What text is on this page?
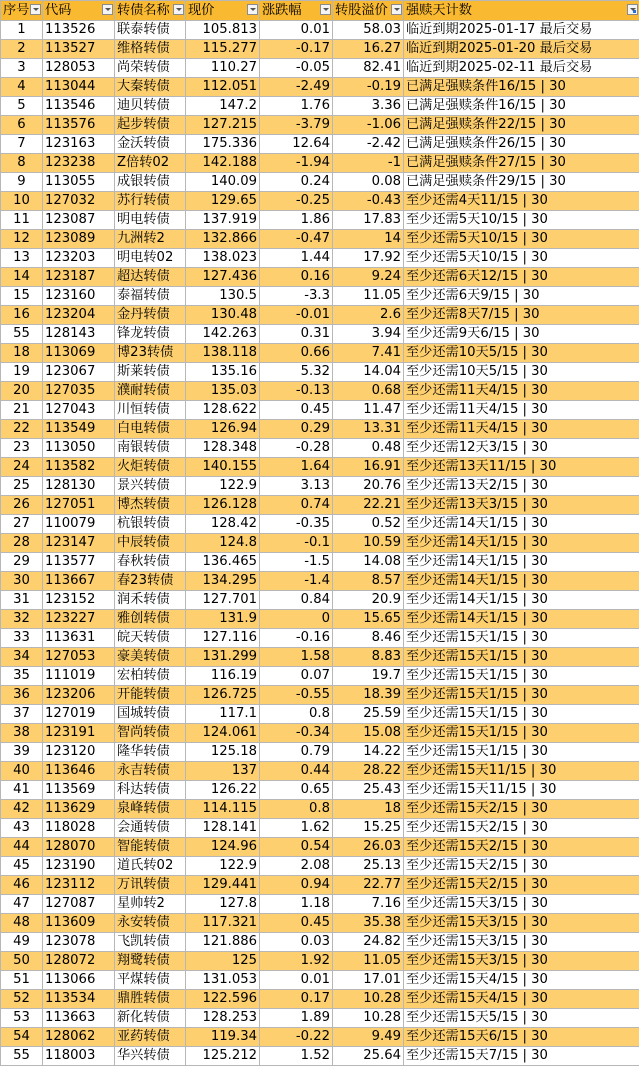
序号	代码	转债名称	现价	涨跌幅	转股溢价	强赎天计数

1	113526	联泰转债	105.813	0.01	58.03	临近到期2025-01-17 最后交易
2	113527	维格转债	115.277	-0.17	16.27	临近到期2025-01-20 最后交易
3	128053	尚荣转债	110.27	-0.05	82.41	临近到期2025-02-11 最后交易
4	113044	大秦转债	112.051	-2.49	-0.19	已满足强赎条件16/15 | 30
5	113546	迪贝转债	147.2	1.76	3.36	已满足强赎条件16/15 | 30
6	113576	起步转债	127.215	-3.79	-1.06	已满足强赎条件22/15 | 30
7	123163	金沃转债	175.336	12.64	-2.42	已满足强赎条件26/15 | 30
8	123238	Z倍转02	142.188	-1.94	-1	已满足强赎条件27/15 | 30
9	113055	成银转债	140.09	0.24	0.08	已满足强赎条件29/15 | 30
10	127032	苏行转债	129.65	-0.25	-0.43	至少还需4天11/15 | 30
11	123087	明电转债	137.919	1.86	17.83	至少还需5天10/15 | 30
12	123089	九洲转2	132.866	-0.47	14	至少还需5天10/15 | 30
13	123203	明电转02	138.023	1.44	17.92	至少还需5天10/15 | 30
14	123187	超达转债	127.436	0.16	9.24	至少还需6天12/15 | 30
15	123160	泰福转债	130.5	-3.3	11.05	至少还需6天9/15 | 30
16	123204	金丹转债	130.48	-0.01	2.6	至少还需8天7/15 | 30
55	128143	锋龙转债	142.263	0.31	3.94	至少还需9天6/15 | 30
18	113069	博23转债	138.118	0.66	7.41	至少还需10天5/15 | 30
19	123067	斯莱转债	135.16	5.32	14.04	至少还需10天5/15 | 30
20	127035	濮耐转债	135.03	-0.13	0.68	至少还需11天4/15 | 30
21	127043	川恒转债	128.622	0.45	11.47	至少还需11天4/15 | 30
22	113549	白电转债	126.94	0.29	13.31	至少还需11天4/15 | 30
23	113050	南银转债	128.348	-0.28	0.48	至少还需12天3/15 | 30
24	113582	火炬转债	140.155	1.64	16.91	至少还需13天11/15 | 30
25	128130	景兴转债	122.9	3.13	20.76	至少还需13天2/15 | 30
26	127051	博杰转债	126.128	0.74	22.21	至少还需13天3/15 | 30
27	110079	杭银转债	128.42	-0.35	0.52	至少还需14天1/15 | 30
28	123147	中辰转债	124.8	-0.1	10.59	至少还需14天1/15 | 30
29	113577	春秋转债	136.465	-1.5	14.08	至少还需14天1/15 | 30
30	113667	春23转债	134.295	-1.4	8.57	至少还需14天1/15 | 30
31	123152	润禾转债	127.701	0.84	20.9	至少还需14天1/15 | 30
32	123227	雅创转债	131.9	0	15.65	至少还需14天1/15 | 30
33	113631	皖天转债	127.116	-0.16	8.46	至少还需15天1/15 | 30
34	127053	豪美转债	131.299	1.58	8.83	至少还需15天1/15 | 30
35	111019	宏柏转债	116.19	0.07	19.7	至少还需15天1/15 | 30
36	123206	开能转债	126.725	-0.55	18.39	至少还需15天1/15 | 30
37	127019	国城转债	117.1	0.8	25.59	至少还需15天1/15 | 30
38	123191	智尚转债	124.061	-0.34	15.08	至少还需15天1/15 | 30
39	123120	隆华转债	125.18	0.79	14.22	至少还需15天1/15 | 30
40	113646	永吉转债	137	0.44	28.22	至少还需15天11/15 | 30
41	113569	科达转债	126.22	0.65	25.43	至少还需15天11/15 | 30
42	113629	泉峰转债	114.115	0.8	18	至少还需15天2/15 | 30
43	118028	会通转债	128.141	1.62	15.25	至少还需15天2/15 | 30
44	128070	智能转债	124.96	0.54	26.03	至少还需15天2/15 | 30
45	123190	道氏转02	122.9	2.08	25.13	至少还需15天2/15 | 30
46	123112	万讯转债	129.441	0.94	22.77	至少还需15天2/15 | 30
47	127087	星帅转2	127.8	1.18	7.16	至少还需15天3/15 | 30
48	113609	永安转债	117.321	0.45	35.38	至少还需15天3/15 | 30
49	123078	飞凯转债	121.886	0.03	24.82	至少还需15天3/15 | 30
50	128072	翔鹭转债	125	1.92	11.05	至少还需15天3/15 | 30
51	113066	平煤转债	131.053	0.01	17.01	至少还需15天4/15 | 30
52	113534	鼎胜转债	122.596	0.17	10.28	至少还需15天4/15 | 30
53	113663	新化转债	128.253	1.89	10.28	至少还需15天5/15 | 30
54	128062	亚药转债	119.34	-0.22	9.49	至少还需15天6/15 | 30
55	118003	华兴转债	125.212	1.52	25.64	至少还需15天7/15 | 30
